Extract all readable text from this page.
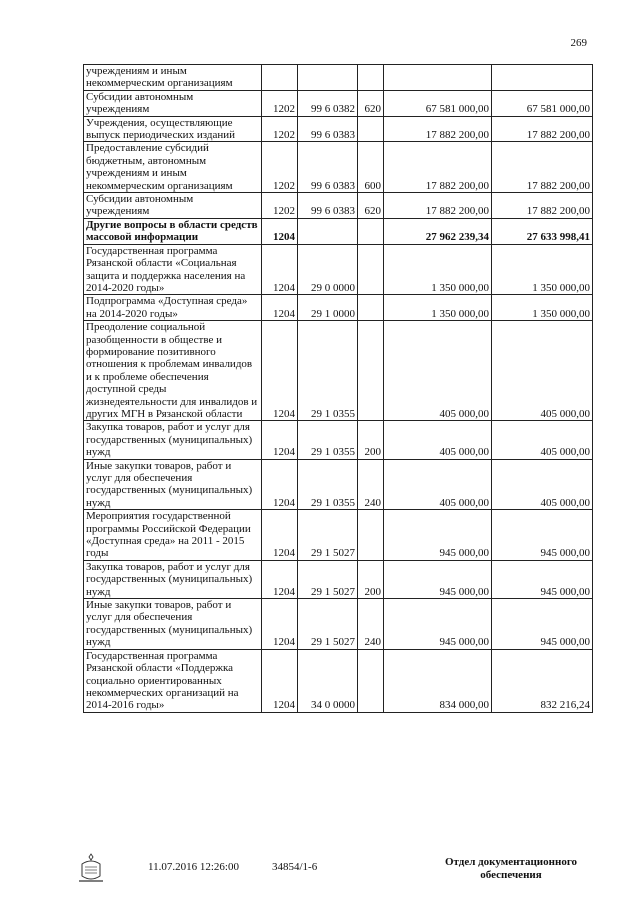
269
учреждениям и иным некоммерческим организациям					
Субсидии автономным учреждениям	1202	99 6 0382	620	67 581 000,00	67 581 000,00
Учреждения, осуществляющие выпуск периодических изданий	1202	99 6 0383		17 882 200,00	17 882 200,00
Предоставление субсидий бюджетным, автономным учреждениям и иным некоммерческим организациям	1202	99 6 0383	600	17 882 200,00	17 882 200,00
Субсидии автономным учреждениям	1202	99 6 0383	620	17 882 200,00	17 882 200,00
Другие вопросы в области средств массовой информации	1204			27 962 239,34	27 633 998,41
Государственная программа Рязанской области «Социальная защита и поддержка населения на 2014-2020 годы»	1204	29 0 0000		1 350 000,00	1 350 000,00
Подпрограмма «Доступная среда» на 2014-2020 годы»	1204	29 1 0000		1 350 000,00	1 350 000,00
Преодоление социальной разобщенности в обществе и формирование позитивного отношения к проблемам инвалидов и к проблеме обеспечения доступной среды жизнедеятельности для инвалидов и других МГН в Рязанской области	1204	29 1 0355		405 000,00	405 000,00
Закупка товаров, работ и услуг для государственных (муниципальных) нужд	1204	29 1 0355	200	405 000,00	405 000,00
Иные закупки товаров, работ и услуг для обеспечения государственных (муниципальных) нужд	1204	29 1 0355	240	405 000,00	405 000,00
Мероприятия государственной программы Российской Федерации «Доступная среда» на 2011 - 2015 годы	1204	29 1 5027		945 000,00	945 000,00
Закупка товаров, работ и услуг для государственных (муниципальных) нужд	1204	29 1 5027	200	945 000,00	945 000,00
Иные закупки товаров, работ и услуг для обеспечения государственных (муниципальных) нужд	1204	29 1 5027	240	945 000,00	945 000,00
Государственная программа Рязанской области «Поддержка социально ориентированных некоммерческих организаций на 2014-2016 годы»	1204	34 0 0000		834 000,00	832 216,24
11.07.2016 12:26:00	34854/1-6	Отдел документационного
обеспечения
